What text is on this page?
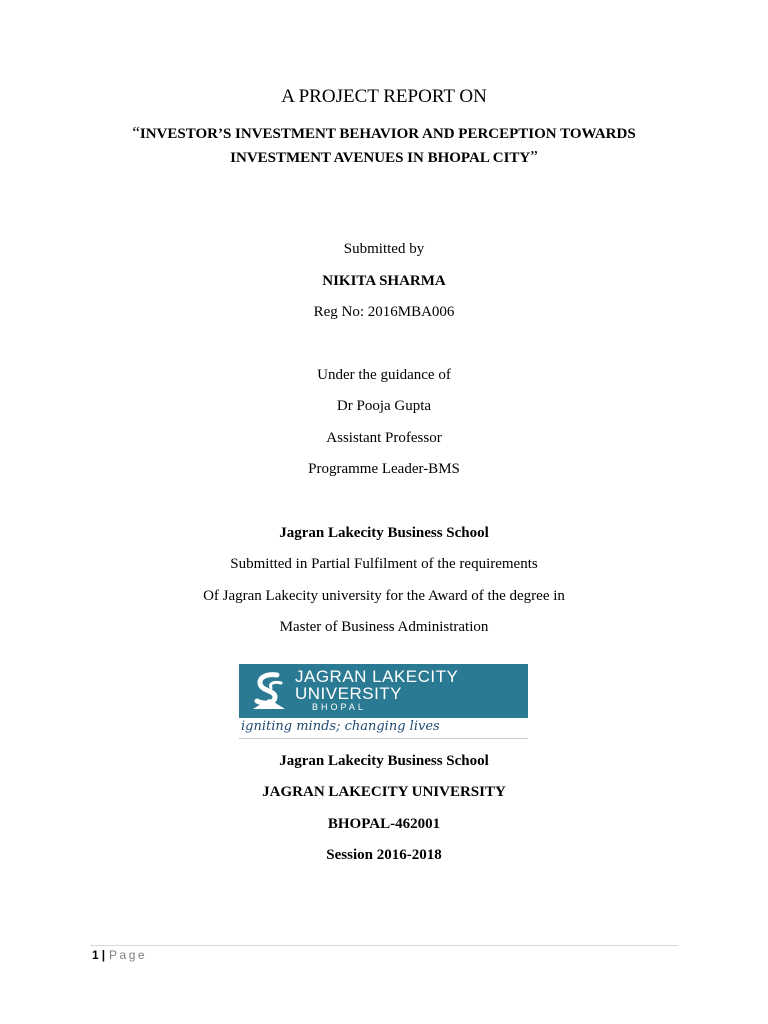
A PROJECT REPORT ON
“INVESTOR’S INVESTMENT BEHAVIOR AND PERCEPTION TOWARDS
INVESTMENT AVENUES IN BHOPAL CITY”
Submitted by
NIKITA SHARMA
Reg No: 2016MBA006
Under the guidance of
Dr Pooja Gupta
Assistant Professor
Programme Leader-BMS
Jagran Lakecity Business School
Submitted in Partial Fulfilment of the requirements
Of Jagran Lakecity university for the Award of the degree in
Master of Business Administration
JAGRAN LAKECITY
UNIVERSITY
BHOPAL
igniting minds; changing lives
Jagran Lakecity Business School
JAGRAN LAKECITY UNIVERSITY
BHOPAL-462001
Session 2016-2018
1 | Page
